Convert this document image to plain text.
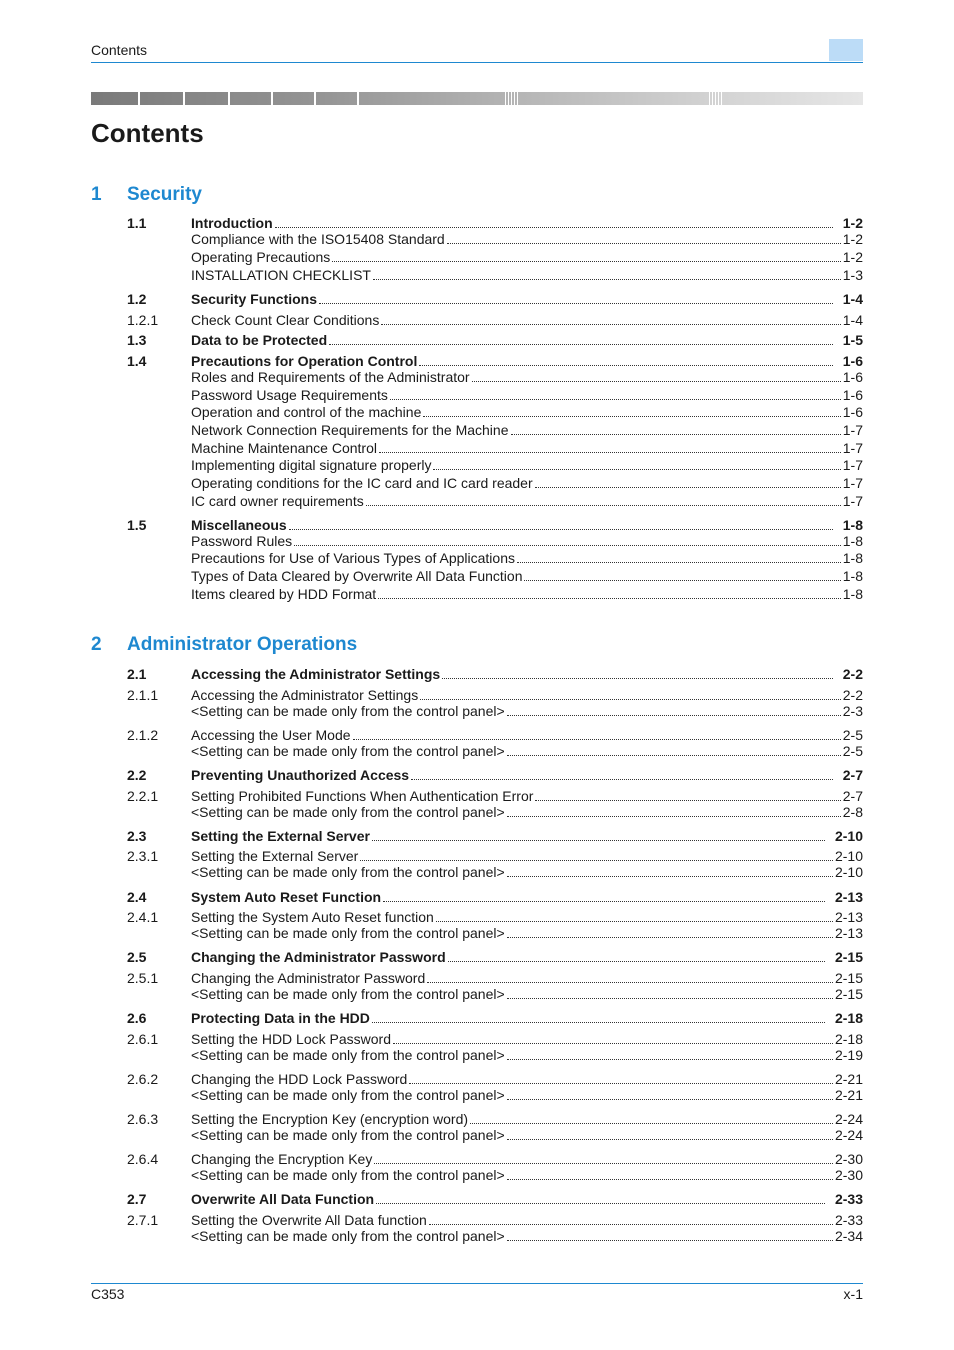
Contents
Contents
1 Security
2 Administrator Operations
1.1	Introduction	1-2
Compliance with the ISO15408 Standard	1-2
Operating Precautions	1-2
INSTALLATION CHECKLIST	1-3
1.2	Security Functions	1-4
1.2.1 Check Count Clear Conditions	1-4
1.3	Data to be Protected	1-5
1.4	Precautions for Operation Control	1-6
Roles and Requirements of the Administrator	1-6
Password Usage Requirements	1-6
Operation and control of the machine	1-6
Network Connection Requirements for the Machine	1-7
Machine Maintenance Control	1-7
Implementing digital signature properly	1-7
Operating conditions for the IC card and IC card reader	1-7
IC card owner requirements	1-7
1.5	Miscellaneous	1-8
Password Rules	1-8
Precautions for Use of Various Types of Applications	1-8
Types of Data Cleared by Overwrite All Data Function	1-8
Items cleared by HDD Format	1-8
2.1	Accessing the Administrator Settings	2-2
2.1.1 Accessing the Administrator Settings	2-2
<Setting can be made only from the control panel>	2-3
2.1.2 Accessing the User Mode	2-5
<Setting can be made only from the control panel>	2-5
2.2	Preventing Unauthorized Access	2-7
2.2.1 Setting Prohibited Functions When Authentication Error	2-7
<Setting can be made only from the control panel>	2-8
2.3	Setting the External Server	2-10
2.3.1 Setting the External Server	2-10
<Setting can be made only from the control panel>	2-10
2.4	System Auto Reset Function	2-13
2.4.1 Setting the System Auto Reset function	2-13
<Setting can be made only from the control panel>	2-13
2.5	Changing the Administrator Password	2-15
2.5.1 Changing the Administrator Password	2-15
<Setting can be made only from the control panel>	2-15
2.6	Protecting Data in the HDD	2-18
2.6.1 Setting the HDD Lock Password	2-18
<Setting can be made only from the control panel>	2-19
2.6.2 Changing the HDD Lock Password	2-21
<Setting can be made only from the control panel>	2-21
2.6.3 Setting the Encryption Key (encryption word)	2-24
<Setting can be made only from the control panel>	2-24
2.6.4 Changing the Encryption Key	2-30
<Setting can be made only from the control panel>	2-30
2.7	Overwrite All Data Function	2-33
2.7.1 Setting the Overwrite All Data function	2-33
<Setting can be made only from the control panel>	2-34
C353	x-1
